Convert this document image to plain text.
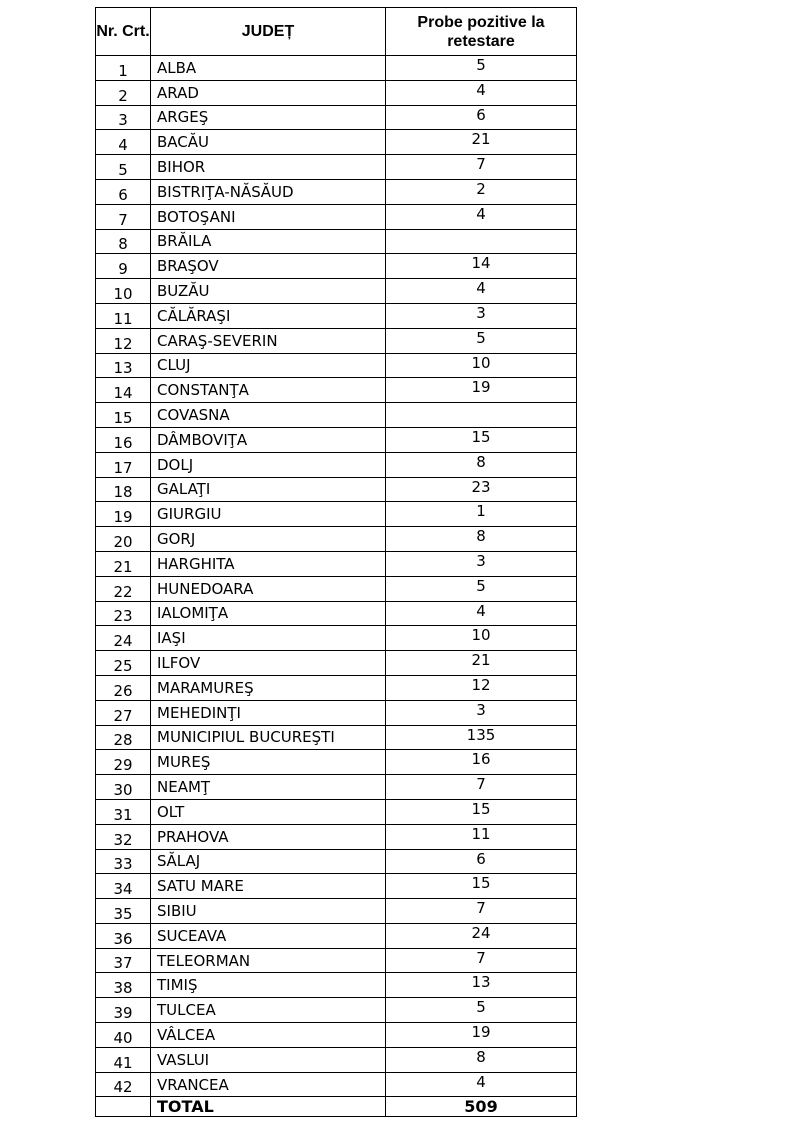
Nr. Crt.	JUDEȚ	Probe pozitive la retestare
1	ALBA	5
2	ARAD	4
3	ARGEŞ	6
4	BACĂU	21
5	BIHOR	7
6	BISTRIŢA-NĂSĂUD	2
7	BOTOŞANI	4
8	BRĂILA	
9	BRAŞOV	14
10	BUZĂU	4
11	CĂLĂRAŞI	3
12	CARAŞ-SEVERIN	5
13	CLUJ	10
14	CONSTANŢA	19
15	COVASNA	
16	DÂMBOVIŢA	15
17	DOLJ	8
18	GALAŢI	23
19	GIURGIU	1
20	GORJ	8
21	HARGHITA	3
22	HUNEDOARA	5
23	IALOMIŢA	4
24	IAŞI	10
25	ILFOV	21
26	MARAMUREŞ	12
27	MEHEDINŢI	3
28	MUNICIPIUL BUCUREŞTI	135
29	MUREŞ	16
30	NEAMŢ	7
31	OLT	15
32	PRAHOVA	11
33	SĂLAJ	6
34	SATU MARE	15
35	SIBIU	7
36	SUCEAVA	24
37	TELEORMAN	7
38	TIMIŞ	13
39	TULCEA	5
40	VÂLCEA	19
41	VASLUI	8
42	VRANCEA	4
	TOTAL	509
